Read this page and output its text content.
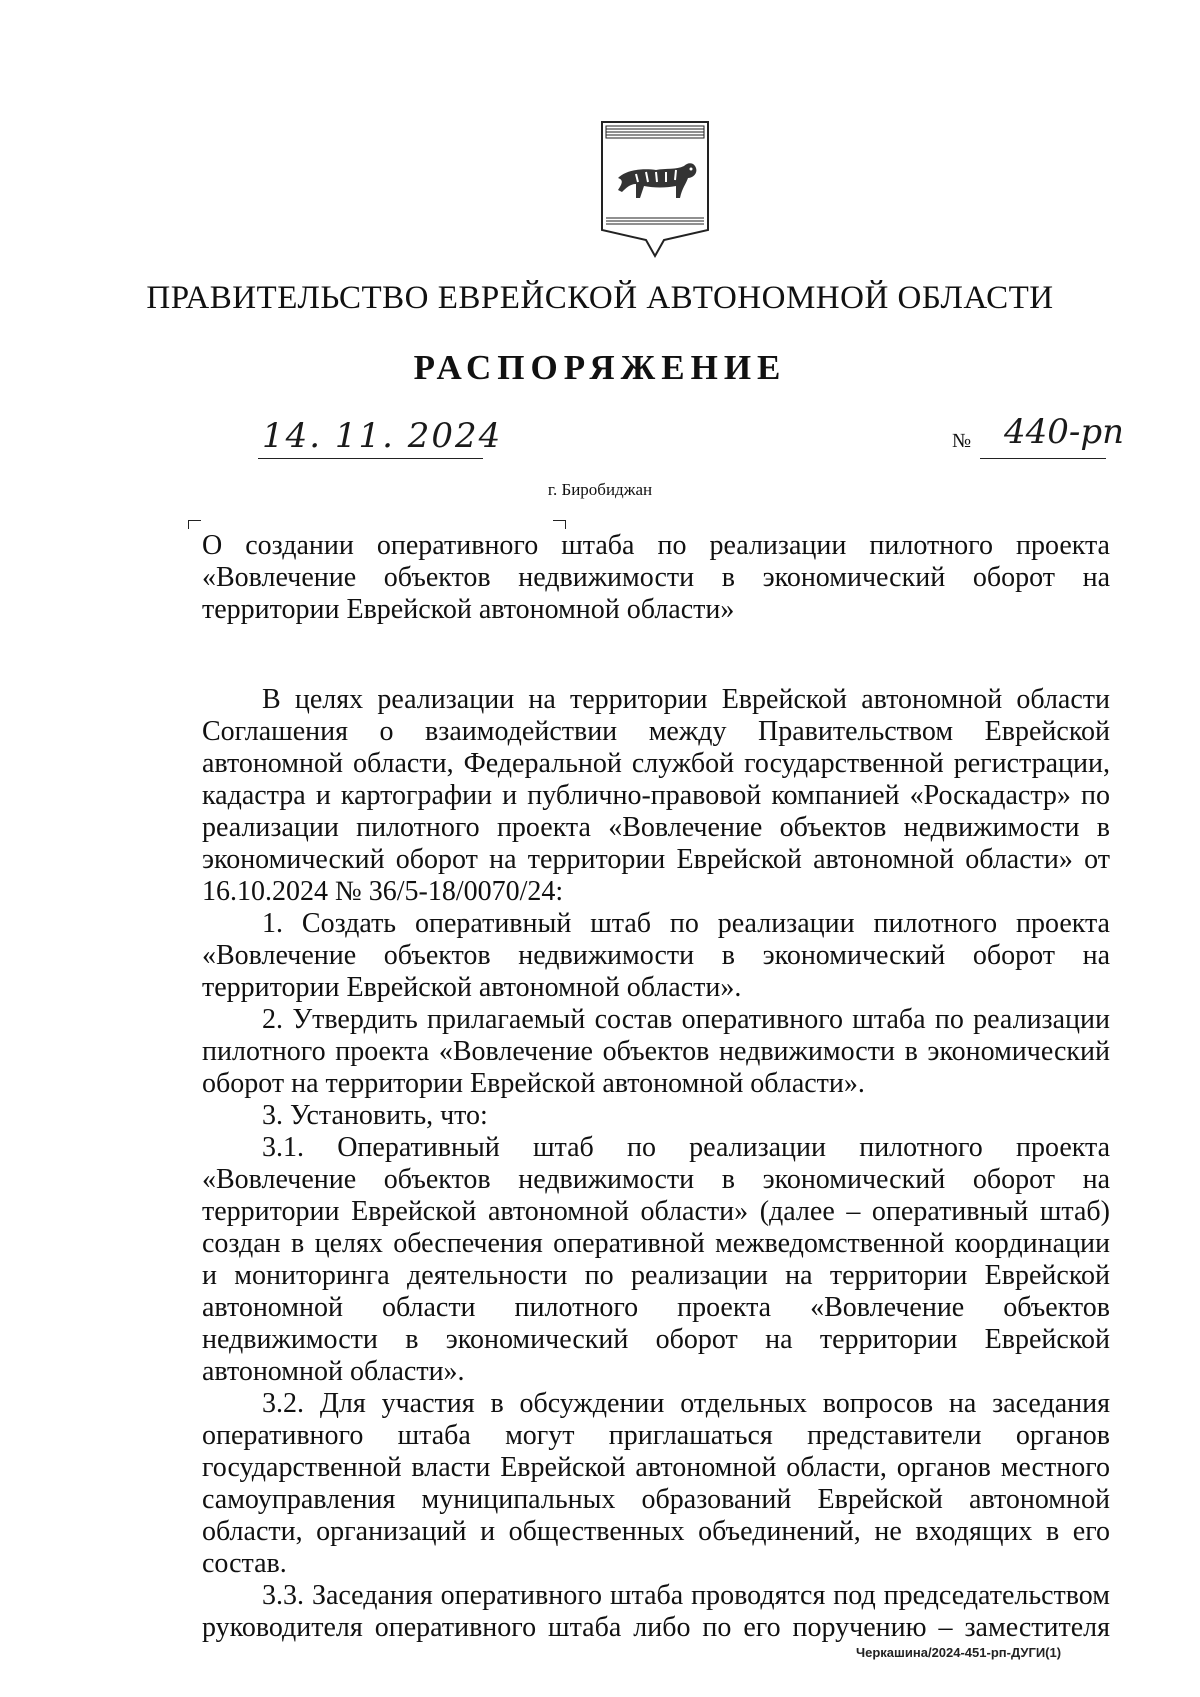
ПРАВИТЕЛЬСТВО ЕВРЕЙСКОЙ АВТОНОМНОЙ ОБЛАСТИ
РАСПОРЯЖЕНИЕ
14. 11. 2024	№ 440-рп
г. Биробиджан
О создании оперативного штаба по реализации пилотного проекта «Вовлечение объектов недвижимости в экономический оборот на территории Еврейской автономной области»

В целях реализации на территории Еврейской автономной области Соглашения о взаимодействии между Правительством Еврейской автономной области, Федеральной службой государственной регистрации, кадастра и картографии и публично-правовой компанией «Роскадастр» по реализации пилотного проекта «Вовлечение объектов недвижимости в экономический оборот на территории Еврейской автономной области» от 16.10.2024 № 36/5-18/0070/24:

1. Создать оперативный штаб по реализации пилотного проекта «Вовлечение объектов недвижимости в экономический оборот на территории Еврейской автономной области».

2. Утвердить прилагаемый состав оперативного штаба по реализации пилотного проекта «Вовлечение объектов недвижимости в экономический оборот на территории Еврейской автономной области».

3. Установить, что:

3.1. Оперативный штаб по реализации пилотного проекта «Вовлечение объектов недвижимости в экономический оборот на территории Еврейской автономной области» (далее – оперативный штаб) создан в целях обеспечения оперативной межведомственной координации и мониторинга деятельности по реализации на территории Еврейской автономной области пилотного проекта «Вовлечение объектов недвижимости в экономический оборот на территории Еврейской автономной области».

3.2. Для участия в обсуждении отдельных вопросов на заседания оперативного штаба могут приглашаться представители органов государственной власти Еврейской автономной области, органов местного самоуправления муниципальных образований Еврейской автономной области, организаций и общественных объединений, не входящих в его состав.

3.3. Заседания оперативного штаба проводятся под председательством руководителя оперативного штаба либо по его поручению – заместителя

Черкашина/2024-451-рп-ДУГИ(1)
